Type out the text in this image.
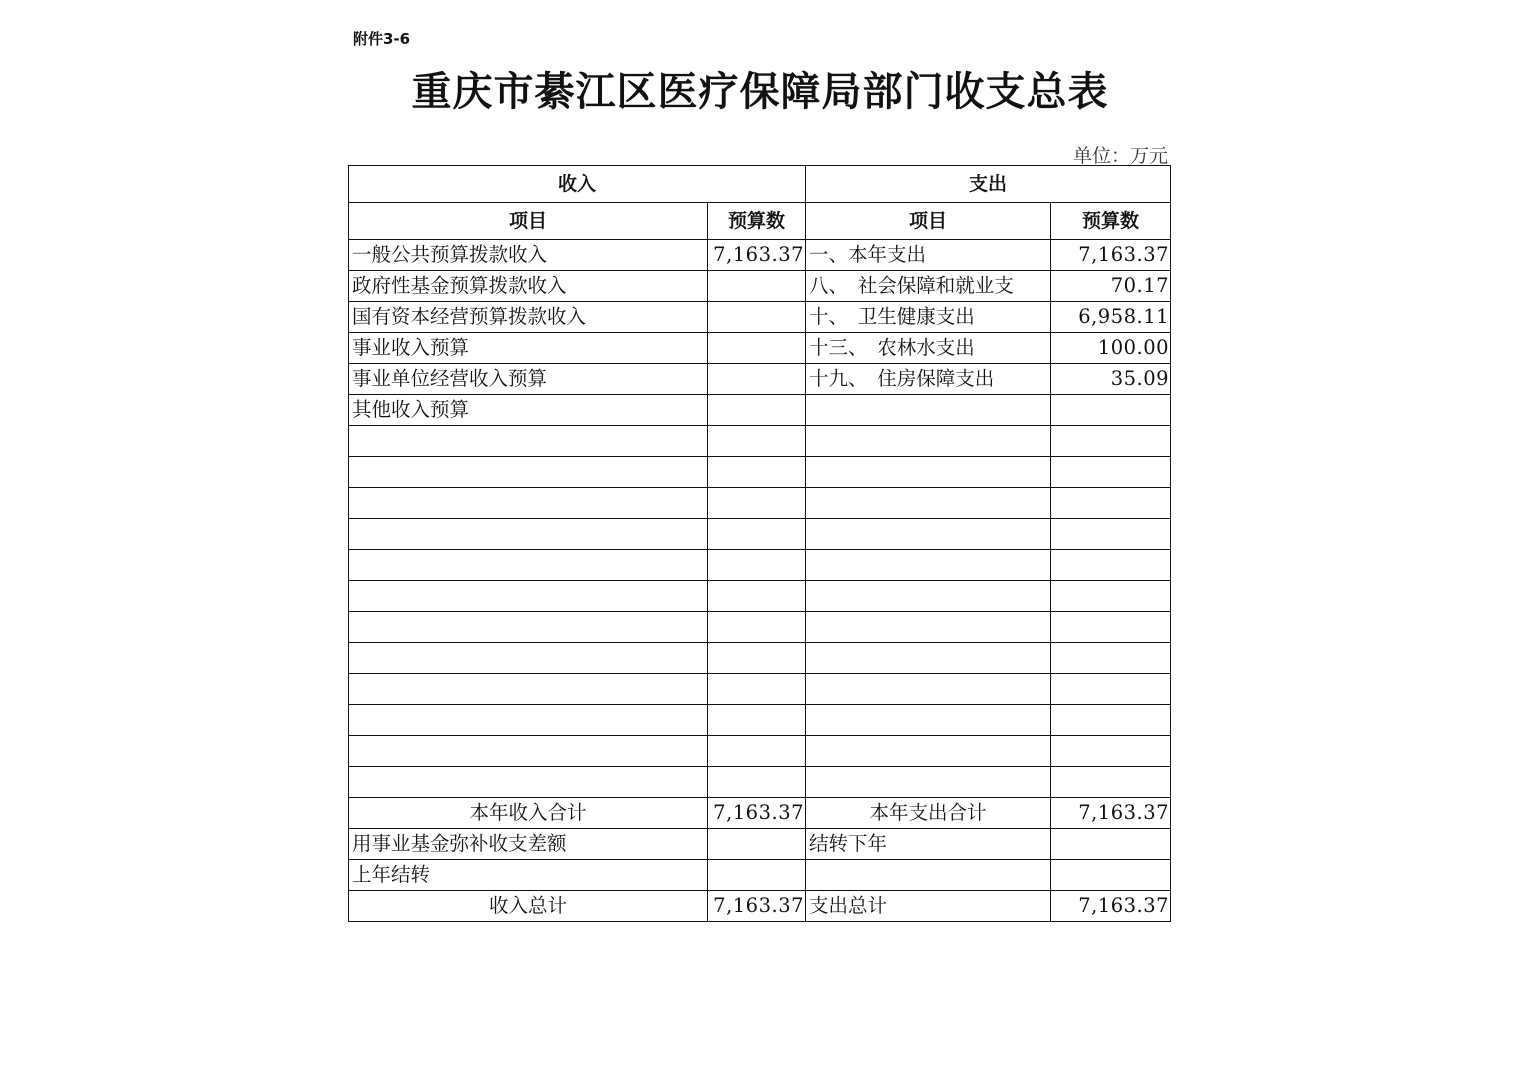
附件3-6
重庆市綦江区医疗保障局部门收支总表
单位：万元
收入		支出	
项目	预算数	项目	预算数
一般公共预算拨款收入	7,163.37	一、本年支出	7,163.37
政府性基金预算拨款收入		八、　社会保障和就业支	70.17
国有资本经营预算拨款收入		十、　卫生健康支出	6,958.11
事业收入预算		十三、　农林水支出	100.00
事业单位经营收入预算		十九、　住房保障支出	35.09
其他收入预算			

本年收入合计	7,163.37	本年支出合计	7,163.37
用事业基金弥补收支差额		结转下年	
上年结转			
收入总计	7,163.37	支出总计	7,163.37
